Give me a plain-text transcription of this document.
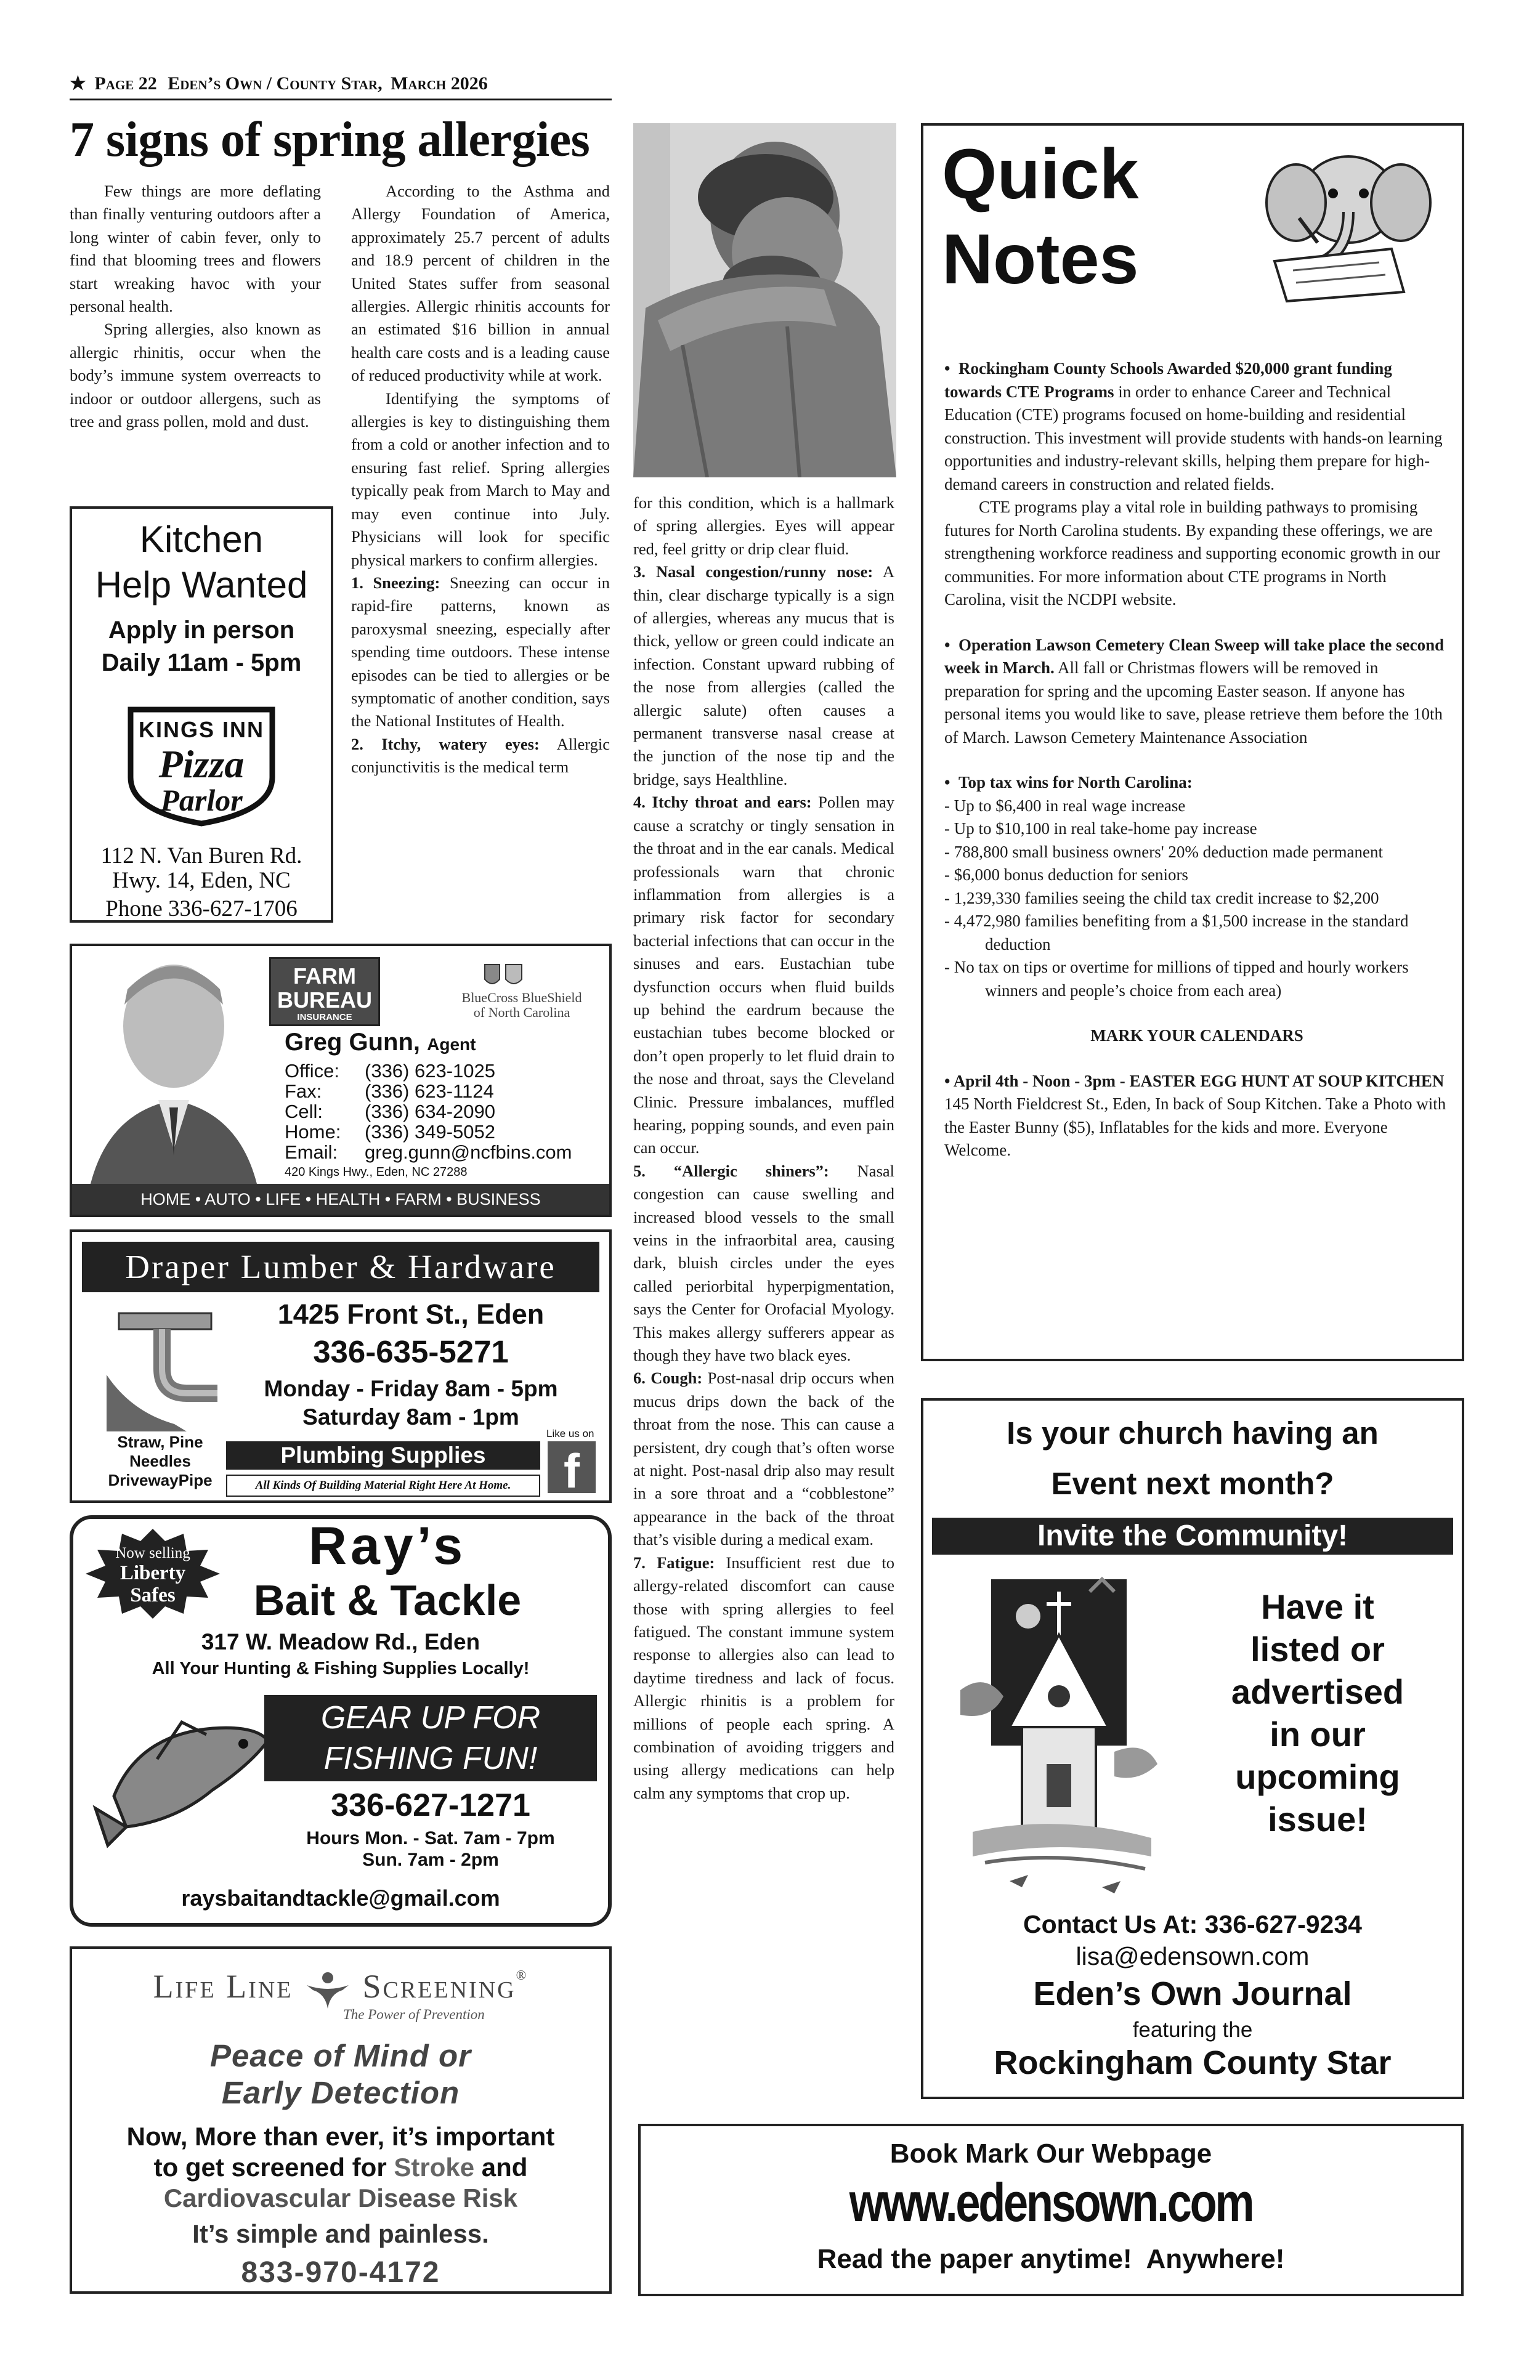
★ Page 22 Eden’s Own / County Star, March 2026
7 signs of spring allergies

Few things are more deflating than finally venturing outdoors after a long winter of cabin fever, only to find that blooming trees and flowers start wreaking havoc with your personal health.

Spring allergies, also known as allergic rhinitis, occur when the body’s immune system overreacts to indoor or outdoor allergens, such as tree and grass pollen, mold and dust.

According to the Asthma and Allergy Foundation of America, approximately 25.7 percent of adults and 18.9 percent of children in the United States suffer from seasonal allergies. Allergic rhinitis accounts for an estimated $16 billion in annual health care costs and is a leading cause of reduced productivity while at work.

Identifying the symptoms of allergies is key to distinguishing them from a cold or another infection and to ensuring fast relief. Spring allergies typically peak from March to May and may even continue into July. Physicians will look for specific physical markers to confirm allergies.

1. Sneezing: Sneezing can occur in rapid-fire patterns, known as paroxysmal sneezing, especially after spending time outdoors. These intense episodes can be tied to allergies or be symptomatic of another condition, says the National Institutes of Health.

2. Itchy, watery eyes: Allergic conjunctivitis is the medical term

for this condition, which is a hallmark of spring allergies. Eyes will appear red, feel gritty or drip clear fluid.

3. Nasal congestion/runny nose: A thin, clear discharge typically is a sign of allergies, whereas any mucus that is thick, yellow or green could indicate an infection. Constant upward rubbing of the nose from allergies (called the allergic salute) often causes a permanent transverse nasal crease at the junction of the nose tip and the bridge, says Healthline.

4. Itchy throat and ears: Pollen may cause a scratchy or tingly sensation in the throat and in the ear canals. Medical professionals warn that chronic inflammation from allergies is a primary risk factor for secondary bacterial infections that can occur in the sinuses and ears. Eustachian tube dysfunction occurs when fluid builds up behind the eardrum because the eustachian tubes become blocked or don’t open properly to let fluid drain to the nose and throat, says the Cleveland Clinic. Pressure imbalances, muffled hearing, popping sounds, and even pain can occur.

5. “Allergic shiners”: Nasal congestion can cause swelling and increased blood vessels to the small veins in the infraorbital area, causing dark, bluish circles under the eyes called periorbital hyperpigmentation, says the Center for Orofacial Myology. This makes allergy sufferers appear as though they have two black eyes.

6. Cough: Post-nasal drip occurs when mucus drips down the back of the throat from the nose. This can cause a persistent, dry cough that’s often worse at night. Post-nasal drip also may result in a sore throat and a “cobblestone” appearance in the back of the throat that’s visible during a medical exam.

7. Fatigue: Insufficient rest due to allergy-related discomfort can cause those with spring allergies to feel fatigued. The constant immune system response to allergies also can lead to daytime tiredness and lack of focus. Allergic rhinitis is a problem for millions of people each spring. A combination of avoiding triggers and using allergy medications can help calm any symptoms that crop up.

Kitchen
Help Wanted
Apply in person
Daily 11am - 5pm
KINGS INN
Pizza
Parlor
112 N. Van Buren Rd.
Hwy. 14, Eden, NC
Phone 336-627-1706
FARM
BUREAU
INSURANCE
BlueCross BlueShield
of North Carolina
Greg Gunn, Agent
Office: (336) 623-1025
Fax: (336) 623-1124
Cell: (336) 634-2090
Home: (336) 349-5052
Email: greg.gunn@ncfbins.com
420 Kings Hwy., Eden, NC 27288
HOME • AUTO • LIFE • HEALTH • FARM • BUSINESS
Draper Lumber & Hardware
Straw, Pine
Needles
DrivewayPipe
1425 Front St., Eden
336-635-5271
Monday - Friday 8am - 5pm
Saturday 8am - 1pm
Like us on
Plumbing Supplies	f
All Kinds Of Building Material Right Here At Home.
Now selling
Liberty
Safes
Ray’s
Bait & Tackle
317 W. Meadow Rd., Eden
All Your Hunting & Fishing Supplies Locally!
GEAR UP FOR
FISHING FUN!
336-627-1271
Hours Mon. - Sat. 7am - 7pm
Sun. 7am - 2pm
raysbaitandtackle@gmail.com
Life Line Screening®
The Power of Prevention
Peace of Mind or
Early Detection
Now, More than ever, it’s important
to get screened for Stroke and
Cardiovascular Disease Risk
It’s simple and painless.
833-970-4172
Quick
Notes

•  Rockingham County Schools Awarded $20,000 grant funding towards CTE Programs in order to enhance Career and Technical Education (CTE) programs focused on home-building and residential construction. This investment will provide students with hands-on learning opportunities and industry-relevant skills, helping them prepare for high-demand careers in construction and related fields.

CTE programs play a vital role in building pathways to promising futures for North Carolina students. By expanding these offerings, we are strengthening workforce readiness and supporting economic growth in our communities. For more information about CTE programs in North Carolina, visit the NCDPI website.

•  Operation Lawson Cemetery Clean Sweep will take place the second week in March. All fall or Christmas flowers will be removed in preparation for spring and the upcoming Easter season. If anyone has personal items you would like to save, please retrieve them before the 10th of March. Lawson Cemetery Maintenance Association

•  Top tax wins for North Carolina:

- Up to $6,400 in real wage increase

- Up to $10,100 in real take-home pay increase

- 788,800 small business owners' 20% deduction made permanent

- $6,000 bonus deduction for seniors

- 1,239,330 families seeing the child tax credit increase to $2,200

- 4,472,980 families benefiting from a $1,500 increase in the standard deduction

- No tax on tips or overtime for millions of tipped and hourly workers winners and people’s choice from each area)

MARK YOUR CALENDARS

• April 4th - Noon - 3pm - EASTER EGG HUNT AT SOUP KITCHEN 145 North Fieldcrest St., Eden, In back of Soup Kitchen. Take a Photo with the Easter Bunny ($5), Inflatables for the kids and more. Everyone Welcome.

Is your church having an
Event next month?
Invite the Community!
Have it
listed or
advertised
in our
upcoming
issue!
Contact Us At: 336-627-9234
lisa@edensown.com
Eden’s Own Journal
featuring the
Rockingham County Star
Book Mark Our Webpage
www.edensown.com
Read the paper anytime!  Anywhere!
